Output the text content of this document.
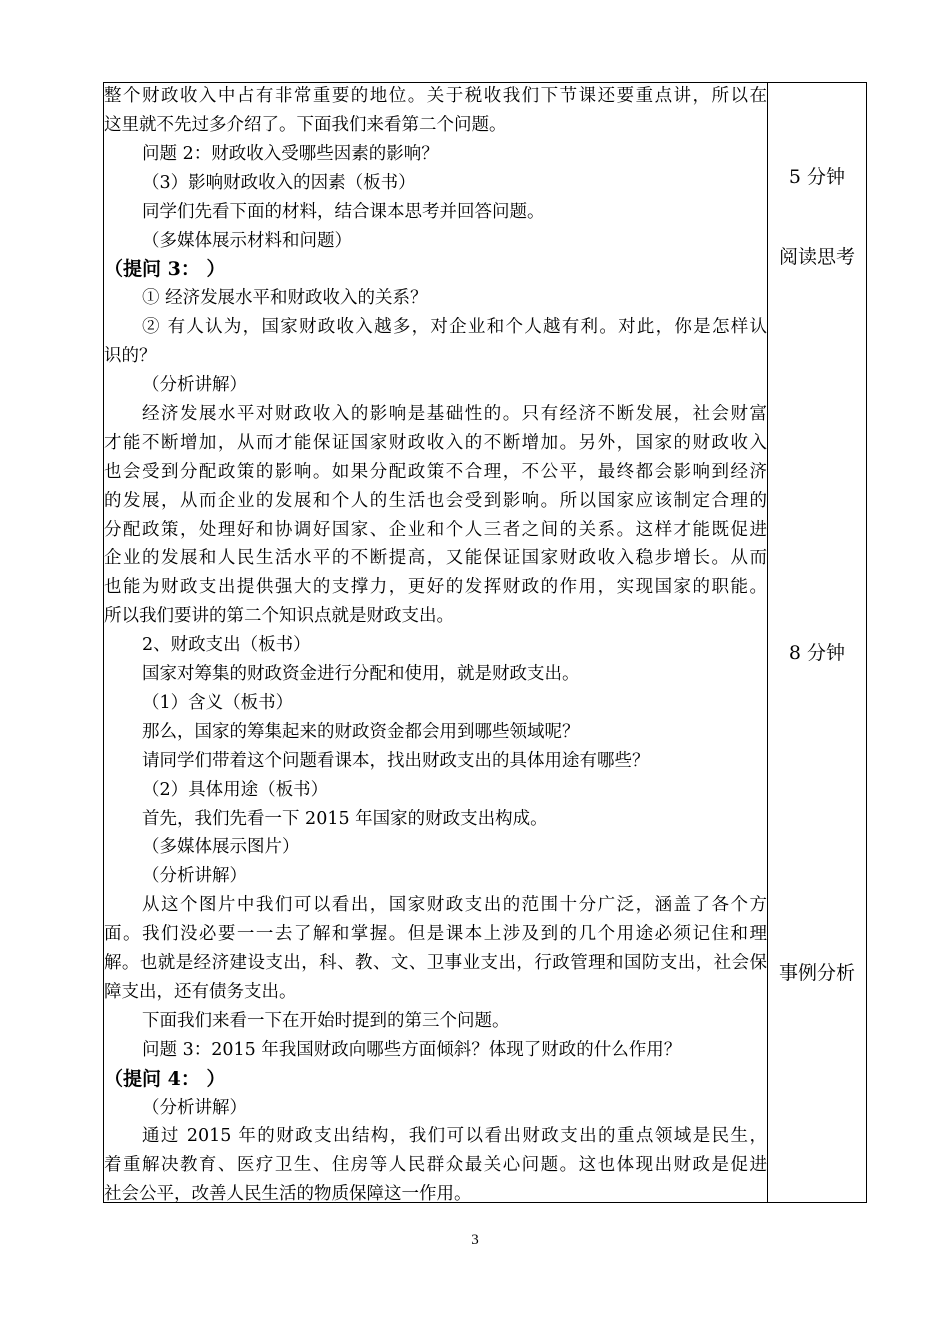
整个财政收入中占有非常重要的地位。关于税收我们下节课还要重点讲，所以在
这里就不先过多介绍了。下面我们来看第二个问题。
问题 2：财政收入受哪些因素的影响？
（3）影响财政收入的因素（板书）
同学们先看下面的材料，结合课本思考并回答问题。
（多媒体展示材料和问题）
（提问 3： ）
① 经济发展水平和财政收入的关系？
② 有人认为，国家财政收入越多，对企业和个人越有利。对此，你是怎样认
识的？
（分析讲解）
经济发展水平对财政收入的影响是基础性的。只有经济不断发展，社会财富
才能不断增加，从而才能保证国家财政收入的不断增加。另外，国家的财政收入
也会受到分配政策的影响。如果分配政策不合理，不公平，最终都会影响到经济
的发展，从而企业的发展和个人的生活也会受到影响。所以国家应该制定合理的
分配政策，处理好和协调好国家、企业和个人三者之间的关系。这样才能既促进
企业的发展和人民生活水平的不断提高，又能保证国家财政收入稳步增长。从而
也能为财政支出提供强大的支撑力，更好的发挥财政的作用，实现国家的职能。
所以我们要讲的第二个知识点就是财政支出。
2、财政支出（板书）
国家对筹集的财政资金进行分配和使用，就是财政支出。
（1）含义（板书）
那么，国家的筹集起来的财政资金都会用到哪些领域呢？
请同学们带着这个问题看课本，找出财政支出的具体用途有哪些？
（2）具体用途（板书）
首先，我们先看一下 2015 年国家的财政支出构成。
（多媒体展示图片）
（分析讲解）
从这个图片中我们可以看出，国家财政支出的范围十分广泛，涵盖了各个方
面。我们没必要一一去了解和掌握。但是课本上涉及到的几个用途必须记住和理
解。也就是经济建设支出，科、教、文、卫事业支出，行政管理和国防支出，社会保
障支出，还有债务支出。
下面我们来看一下在开始时提到的第三个问题。
问题 3：2015 年我国财政向哪些方面倾斜？体现了财政的什么作用？
（提问 4： ）
（分析讲解）
通过 2015 年的财政支出结构，我们可以看出财政支出的重点领域是民生，
着重解决教育、医疗卫生、住房等人民群众最关心问题。这也体现出财政是促进
社会公平，改善人民生活的物质保障这一作用。
5 分钟
阅读思考
8 分钟
事例分析
3
